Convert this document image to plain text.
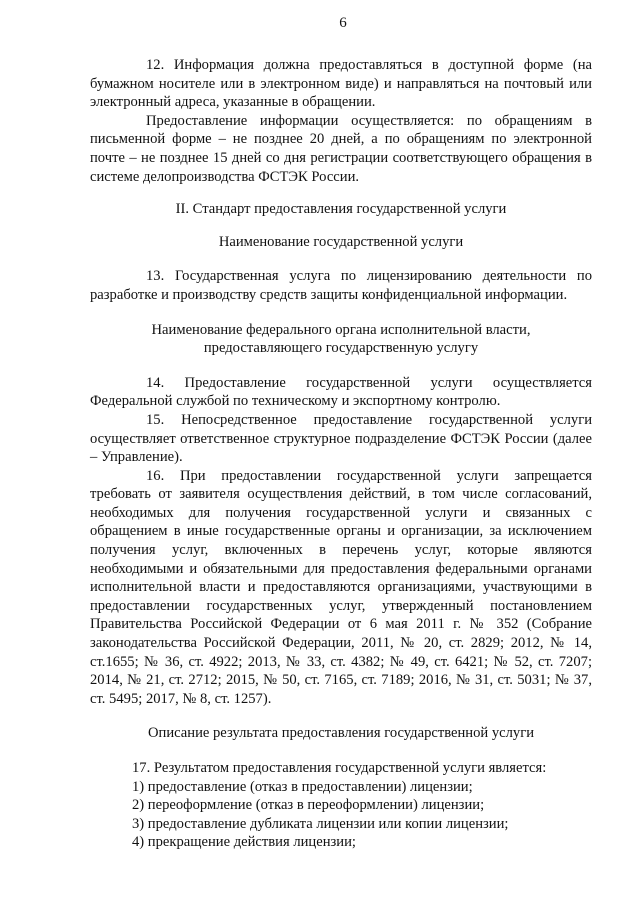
6

12. Информация должна предоставляться в доступной форме (на бумажном носителе или в электронном виде) и направляться на почтовый или электронный адреса, указанные в обращении.

Предоставление информации осуществляется: по обращениям в письменной форме – не позднее 20 дней, а по обращениям по электронной почте – не позднее 15 дней со дня регистрации соответствующего обращения в системе делопроизводства ФСТЭК России.

II. Стандарт предоставления государственной услуги
Наименование государственной услуги

13. Государственная услуга по лицензированию деятельности по разработке и производству средств защиты конфиденциальной информации.

Наименование федерального органа исполнительной власти,
предоставляющего государственную услугу

14. Предоставление государственной услуги осуществляется Федеральной службой по техническому и экспортному контролю.

15. Непосредственное предоставление государственной услуги осуществляет ответственное структурное подразделение ФСТЭК России (далее – Управление).

16. При предоставлении государственной услуги запрещается требовать от заявителя осуществления действий, в том числе согласований, необходимых для получения государственной услуги и связанных с обращением в иные государственные органы и организации, за исключением получения услуг, включенных в перечень услуг, которые являются необходимыми и обязательными для предоставления федеральными органами исполнительной власти и предоставляются организациями, участвующими в предоставлении государственных услуг, утвержденный постановлением Правительства Российской Федерации от 6 мая 2011 г. № 352 (Собрание законодательства Российской Федерации, 2011, № 20, ст. 2829; 2012, № 14, ст.1655; № 36, ст. 4922; 2013, № 33, ст. 4382; № 49, ст. 6421; № 52, ст. 7207; 2014, № 21, ст. 2712; 2015, № 50, ст. 7165, ст. 7189; 2016, № 31, ст. 5031; № 37, ст. 5495; 2017, № 8, ст. 1257).

Описание результата предоставления государственной услуги

17. Результатом предоставления государственной услуги является:

1) предоставление (отказ в предоставлении) лицензии;

2) переоформление (отказ в переоформлении) лицензии;

3) предоставление дубликата лицензии или копии лицензии;

4) прекращение действия лицензии;
